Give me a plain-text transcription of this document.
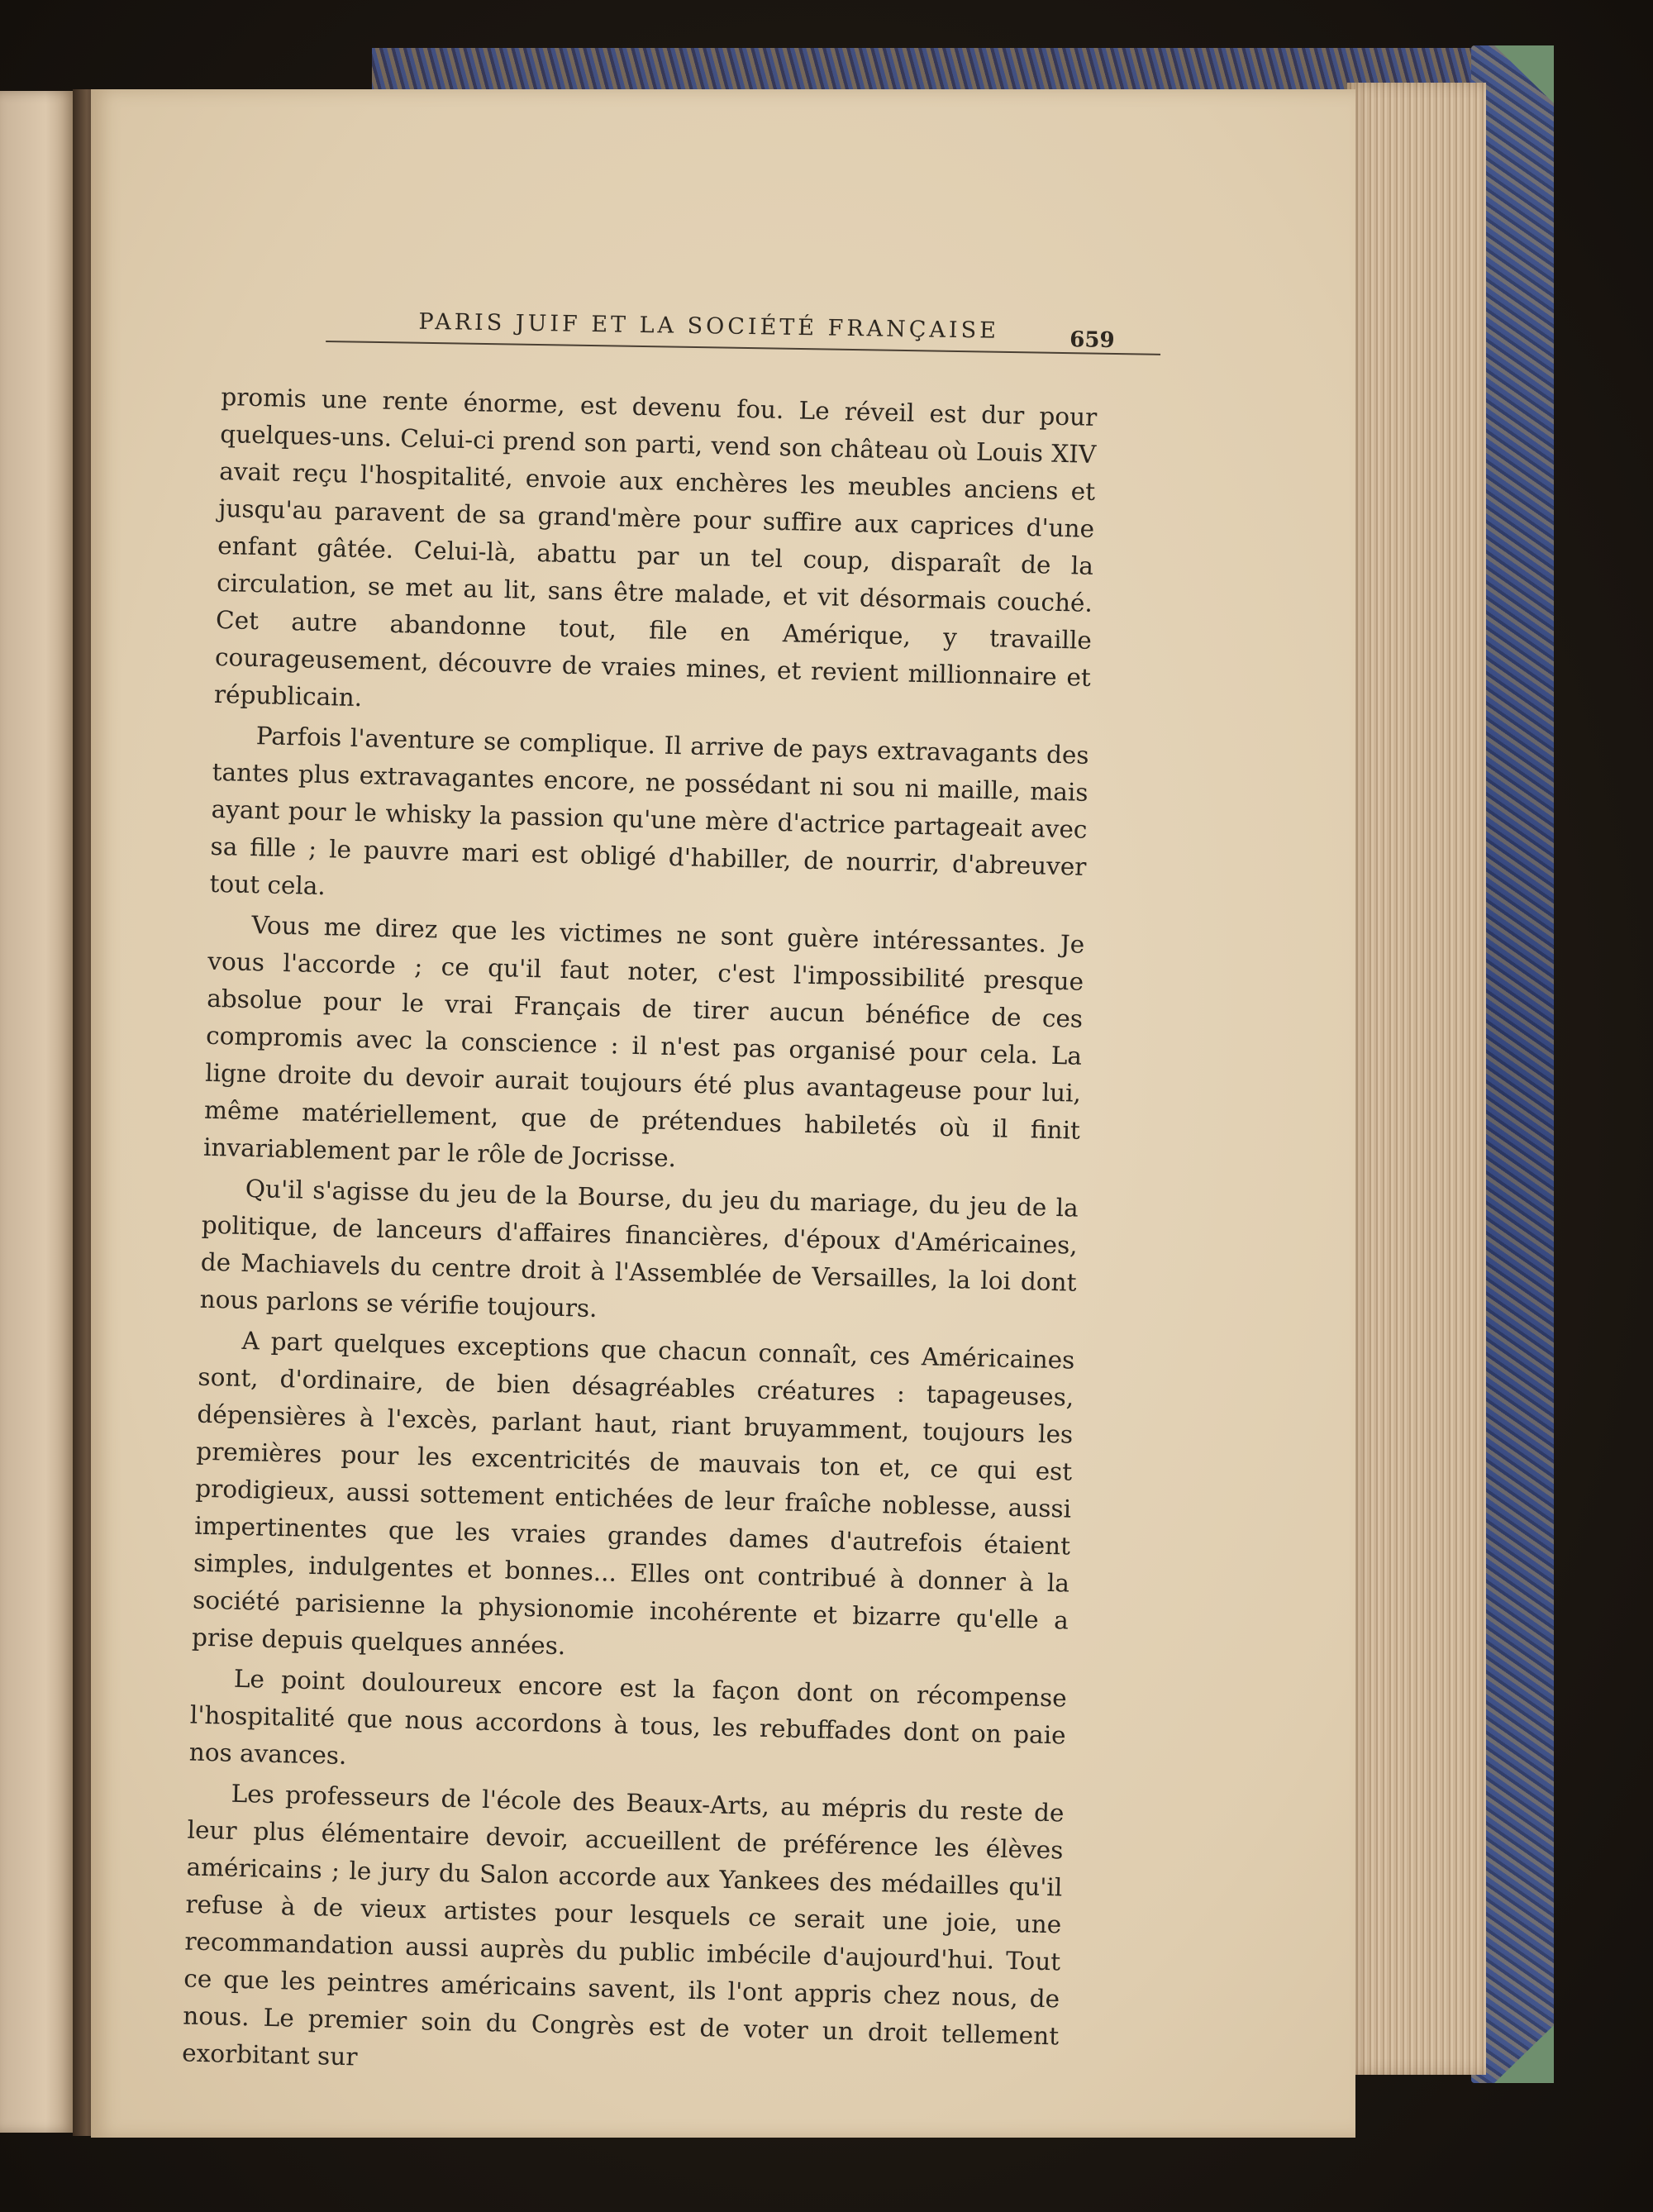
PARIS JUIF ET LA SOCIÉTÉ FRANÇAISE	659

promis une rente énorme, est devenu fou. Le réveil est dur pour quelques-uns. Celui-ci prend son parti, vend son château où Louis XIV avait reçu l'hospitalité, envoie aux enchères les meubles anciens et jusqu'au paravent de sa grand'mère pour suffire aux caprices d'une enfant gâtée. Celui-là, abattu par un tel coup, disparaît de la circulation, se met au lit, sans être malade, et vit désormais couché. Cet autre abandonne tout, file en Amérique, y travaille courageusement, découvre de vraies mines, et revient millionnaire et républicain.

Parfois l'aventure se complique. Il arrive de pays extravagants des tantes plus extravagantes encore, ne possédant ni sou ni maille, mais ayant pour le whisky la passion qu'une mère d'actrice partageait avec sa fille ; le pauvre mari est obligé d'habiller, de nourrir, d'abreuver tout cela.

Vous me direz que les victimes ne sont guère intéressantes. Je vous l'accorde ; ce qu'il faut noter, c'est l'impossibilité presque absolue pour le vrai Français de tirer aucun bénéfice de ces compromis avec la conscience : il n'est pas organisé pour cela. La ligne droite du devoir aurait toujours été plus avantageuse pour lui, même matériellement, que de prétendues habiletés où il finit invariablement par le rôle de Jocrisse.

Qu'il s'agisse du jeu de la Bourse, du jeu du mariage, du jeu de la politique, de lanceurs d'affaires financières, d'époux d'Américaines, de Machiavels du centre droit à l'Assemblée de Versailles, la loi dont nous parlons se vérifie toujours.

A part quelques exceptions que chacun connaît, ces Américaines sont, d'ordinaire, de bien désagréables créatures : tapageuses, dépensières à l'excès, parlant haut, riant bruyamment, toujours les premières pour les excentricités de mauvais ton et, ce qui est prodigieux, aussi sottement entichées de leur fraîche noblesse, aussi impertinentes que les vraies grandes dames d'autrefois étaient simples, indulgentes et bonnes... Elles ont contribué à donner à la société parisienne la physionomie incohérente et bizarre qu'elle a prise depuis quelques années.

Le point douloureux encore est la façon dont on récompense l'hospitalité que nous accordons à tous, les rebuffades dont on paie nos avances.

Les professeurs de l'école des Beaux-Arts, au mépris du reste de leur plus élémentaire devoir, accueillent de préférence les élèves américains ; le jury du Salon accorde aux Yankees des médailles qu'il refuse à de vieux artistes pour lesquels ce serait une joie, une recommandation aussi auprès du public imbécile d'aujourd'hui. Tout ce que les peintres américains savent, ils l'ont appris chez nous, de nous. Le premier soin du Congrès est de voter un droit tellement exorbitant sur
